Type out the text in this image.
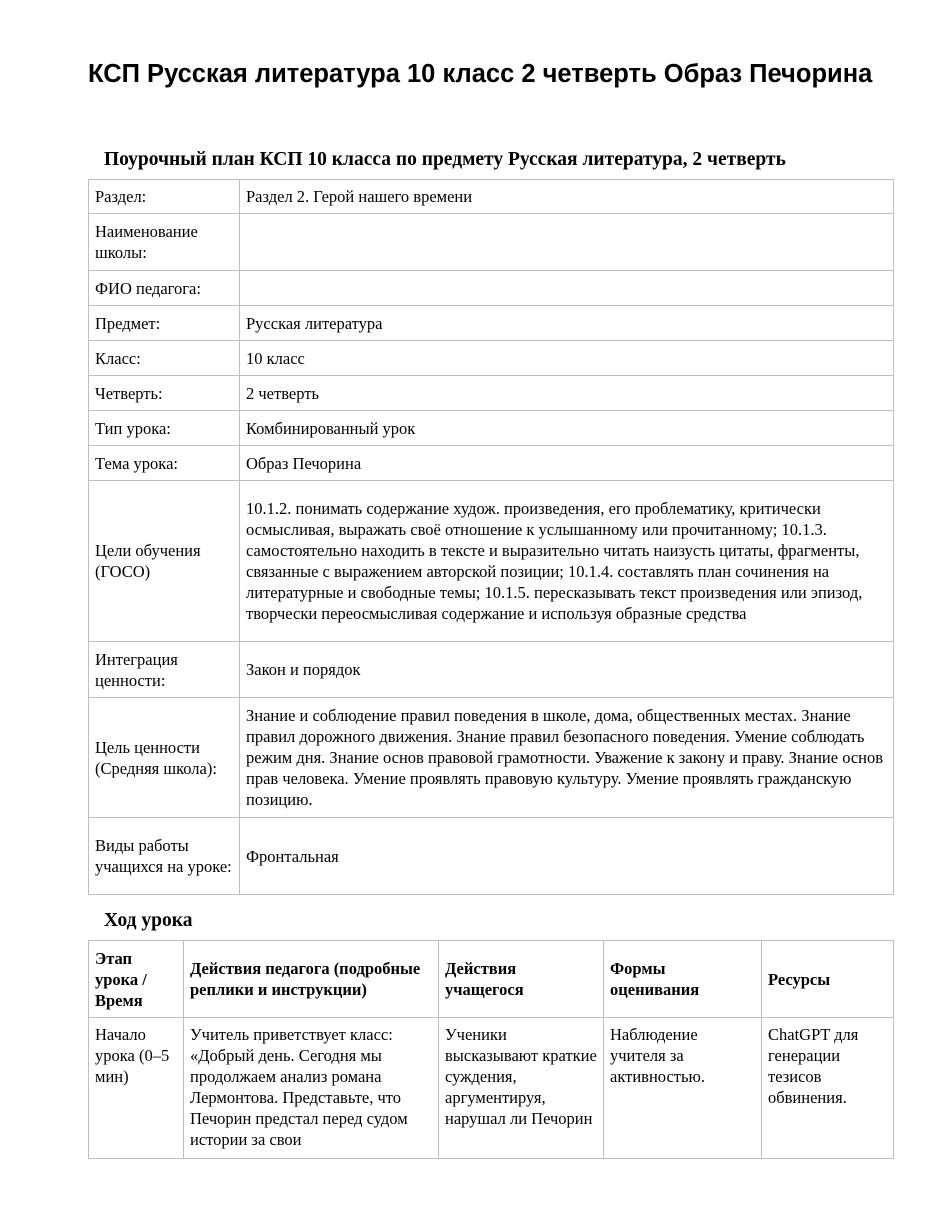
КСП Русская литература 10 класс 2 четверть Образ Печорина
Поурочный план КСП 10 класса по предмету Русская литература, 2 четверть
Раздел:	Раздел 2. Герой нашего времени
Наименование школы:	
ФИО педагога:	
Предмет:	Русская литература
Класс:	10 класс
Четверть:	2 четверть
Тип урока:	Комбинированный урок
Тема урока:	Образ Печорина
Цели обучения (ГОСО)	10.1.2. понимать содержание худож. произведения, его проблематику, критически осмысливая, выражать своё отношение к услышанному или прочитанному; 10.1.3. самостоятельно находить в тексте и выразительно читать наизусть цитаты, фрагменты, связанные с выражением авторской позиции; 10.1.4. составлять план сочинения на литературные и свободные темы; 10.1.5. пересказывать текст произведения или эпизод, творчески переосмысливая содержание и используя образные средства
Интеграция ценности:	Закон и порядок
Цель ценности (Средняя школа):	Знание и соблюдение правил поведения в школе, дома, общественных местах. Знание правил дорожного движения. Знание правил безопасного поведения. Умение соблюдать режим дня. Знание основ правовой грамотности. Уважение к закону и праву. Знание основ прав человека. Умение проявлять правовую культуру. Умение проявлять гражданскую позицию.
Виды работы учащихся на уроке:	Фронтальная
Ход урока
Этап урока / Время	Действия педагога (подробные реплики и инструкции)	Действия учащегося	Формы оценивания	Ресурсы
Начало урока (0–5 мин)	Учитель приветствует класс: «Добрый день. Сегодня мы продолжаем анализ романа Лермонтова. Представьте, что Печорин предстал перед судом истории за свои	Ученики высказывают краткие суждения, аргументируя, нарушал ли Печорин	Наблюдение учителя за активностью.	ChatGPT для генерации тезисов обвинения.
